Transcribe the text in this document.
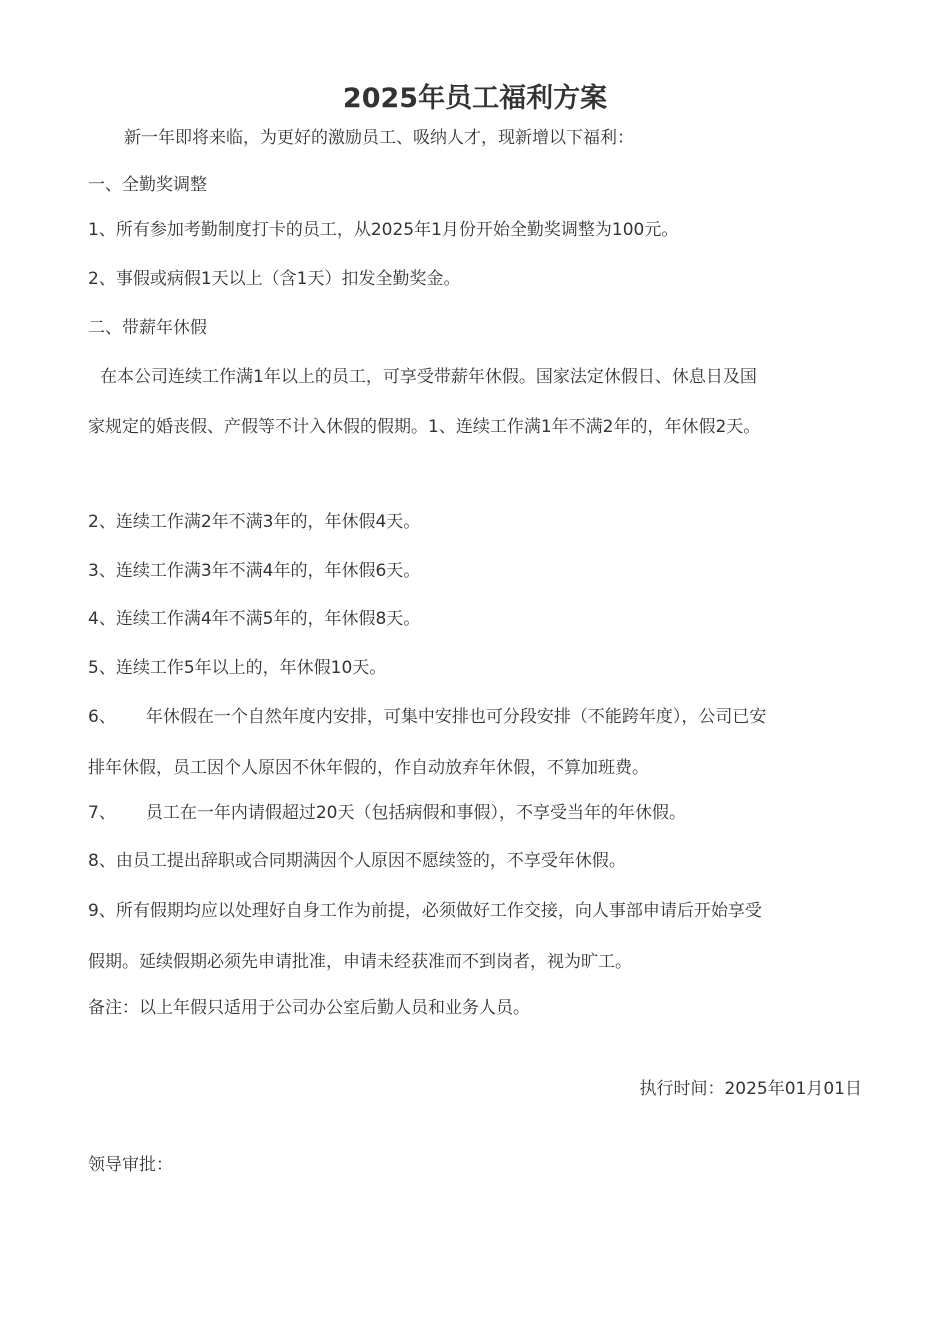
2025年员工福利方案
新一年即将来临，为更好的激励员工、吸纳人才，现新增以下福利：
一、全勤奖调整
1、所有参加考勤制度打卡的员工，从2025年1月份开始全勤奖调整为100元。
2、事假或病假1天以上（含1天）扣发全勤奖金。
二、带薪年休假
在本公司连续工作满1年以上的员工，可享受带薪年休假。国家法定休假日、休息日及国
家规定的婚丧假、产假等不计入休假的假期。1、连续工作满1年不满2年的，年休假2天。
2、连续工作满2年不满3年的，年休假4天。
3、连续工作满3年不满4年的，年休假6天。
4、连续工作满4年不满5年的，年休假8天。
5、连续工作5年以上的，年休假10天。
6、 年休假在一个自然年度内安排，可集中安排也可分段安排（不能跨年度），公司已安
排年休假，员工因个人原因不休年假的，作自动放弃年休假，不算加班费。
7、 员工在一年内请假超过20天（包括病假和事假），不享受当年的年休假。
8、由员工提出辞职或合同期满因个人原因不愿续签的，不享受年休假。
9、所有假期均应以处理好自身工作为前提，必须做好工作交接，向人事部申请后开始享受
假期。延续假期必须先申请批准，申请未经获准而不到岗者，视为旷工。
备注：以上年假只适用于公司办公室后勤人员和业务人员。
执行时间：2025年01月01日
领导审批：
